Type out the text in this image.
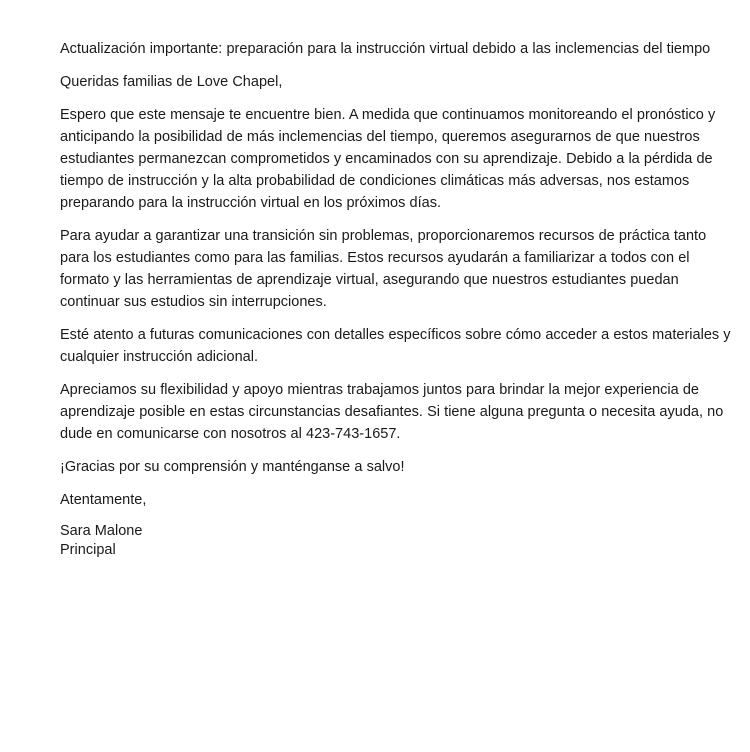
Actualización importante: preparación para la instrucción virtual debido a las inclemencias del tiempo

Queridas familias de Love Chapel,

Espero que este mensaje te encuentre bien. A medida que continuamos monitoreando el pronóstico y anticipando la posibilidad de más inclemencias del tiempo, queremos asegurarnos de que nuestros estudiantes permanezcan comprometidos y encaminados con su aprendizaje. Debido a la pérdida de tiempo de instrucción y la alta probabilidad de condiciones climáticas más adversas, nos estamos preparando para la instrucción virtual en los próximos días.

Para ayudar a garantizar una transición sin problemas, proporcionaremos recursos de práctica tanto para los estudiantes como para las familias. Estos recursos ayudarán a familiarizar a todos con el formato y las herramientas de aprendizaje virtual, asegurando que nuestros estudiantes puedan continuar sus estudios sin interrupciones.

Esté atento a futuras comunicaciones con detalles específicos sobre cómo acceder a estos materiales y cualquier instrucción adicional.

Apreciamos su flexibilidad y apoyo mientras trabajamos juntos para brindar la mejor experiencia de aprendizaje posible en estas circunstancias desafiantes. Si tiene alguna pregunta o necesita ayuda, no dude en comunicarse con nosotros al 423-743-1657.

¡Gracias por su comprensión y manténganse a salvo!

Atentamente,

Sara Malone

Principal
